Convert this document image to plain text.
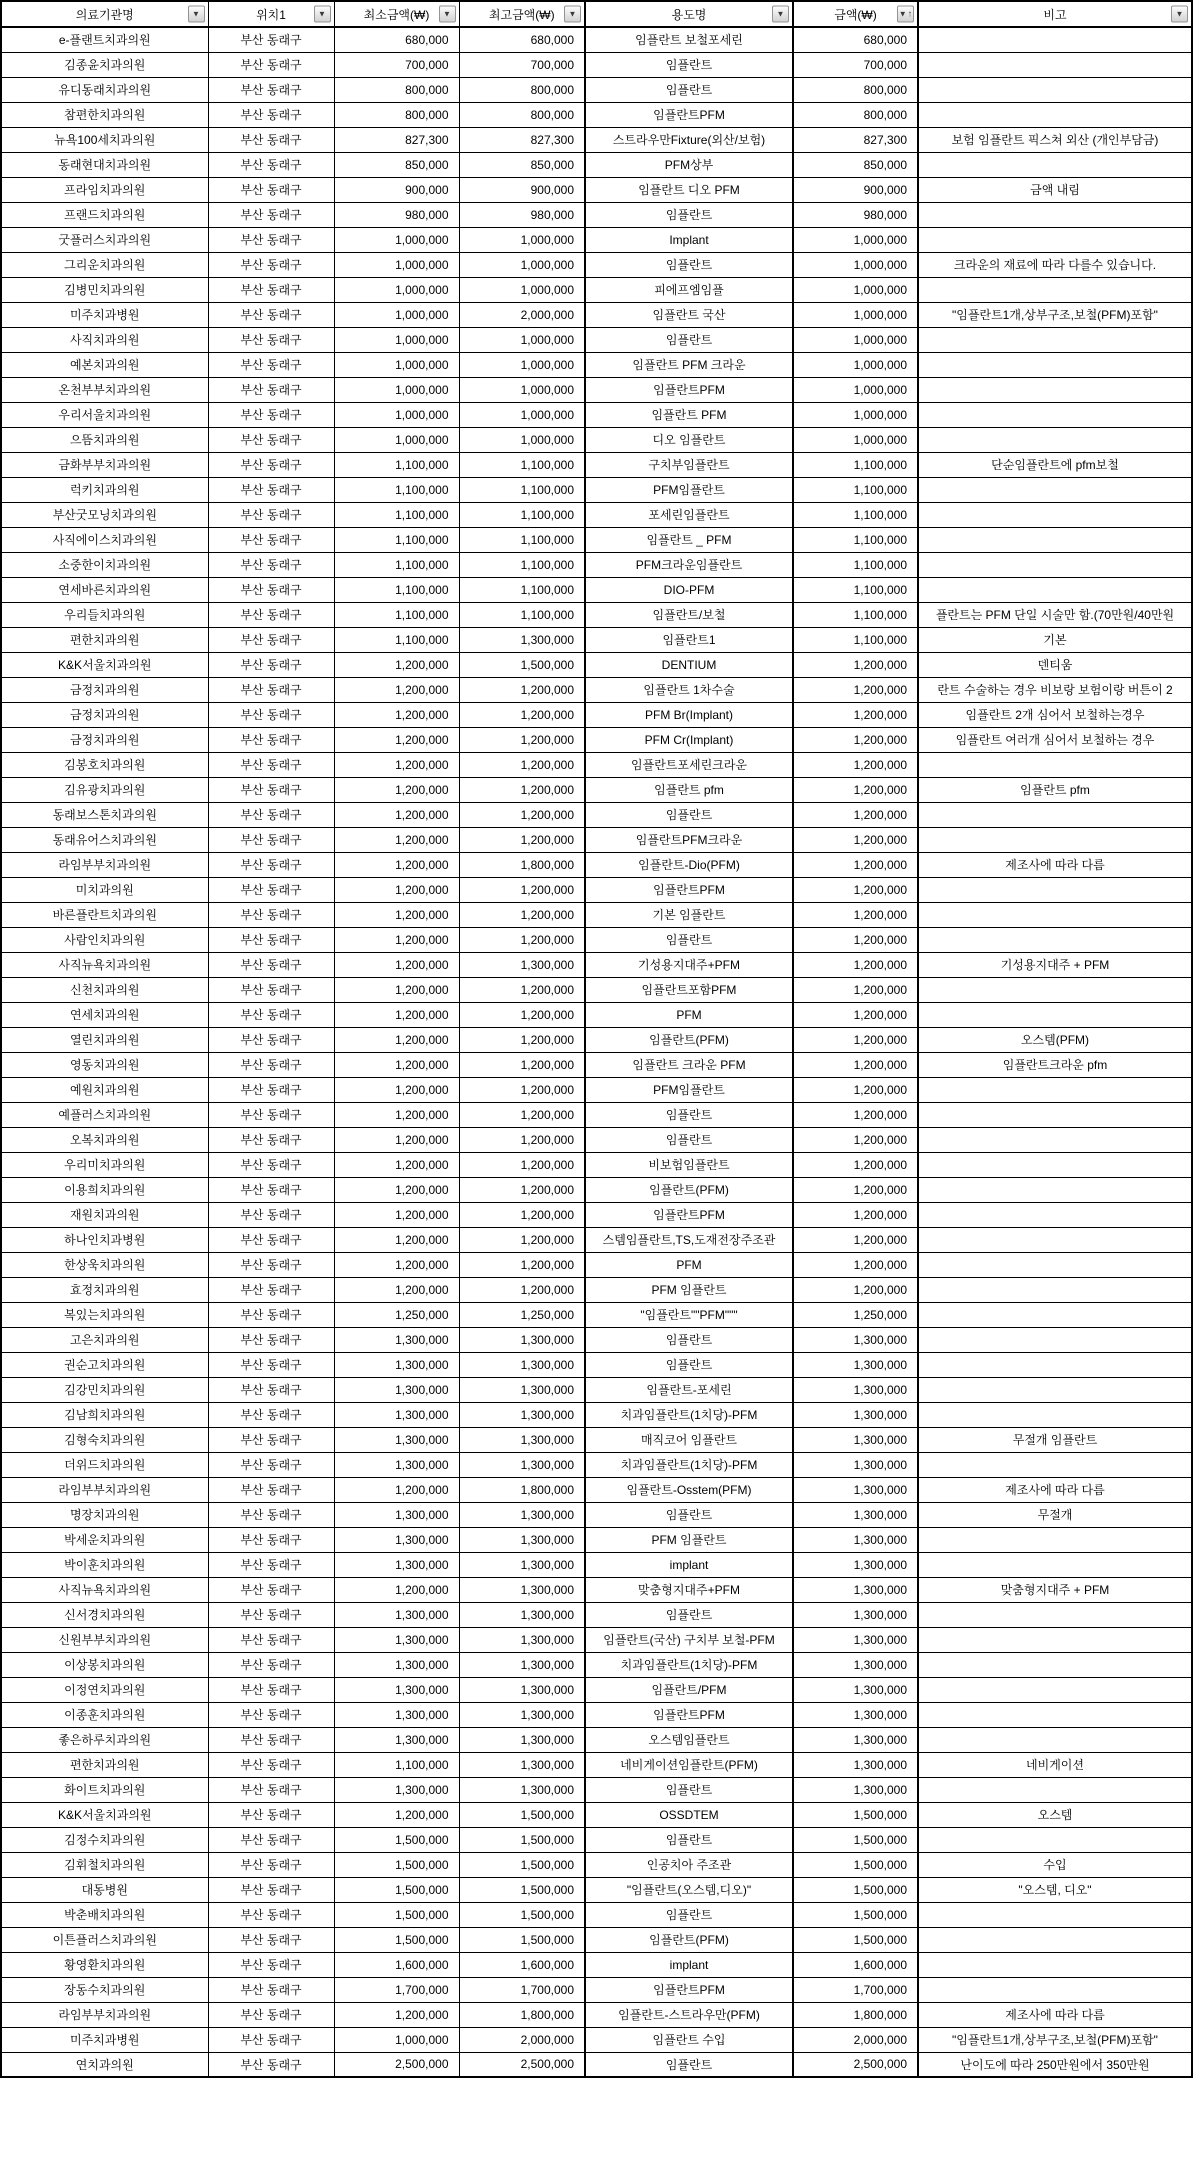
의료기관명 ▼	위치1 ▼	최소금액(₩) ▼	최고금액(₩) ▼	용도명 ▼	금액(₩) ▼ ↑	비고 ▼

e-플랜트치과의원	부산 동래구	680,000	680,000	임플란트 보철포세린	680,000	
김종윤치과의원	부산 동래구	700,000	700,000	임플란트	700,000	
유디동래치과의원	부산 동래구	800,000	800,000	임플란트	800,000	
참편한치과의원	부산 동래구	800,000	800,000	임플란트PFM	800,000	
뉴욕100세치과의원	부산 동래구	827,300	827,300	스트라우만Fixture(외산/보험)	827,300	보험 임플란트 픽스쳐 외산 (개인부담금)
동래현대치과의원	부산 동래구	850,000	850,000	PFM상부	850,000	
프라임치과의원	부산 동래구	900,000	900,000	임플란트 디오 PFM	900,000	금액 내림
프랜드치과의원	부산 동래구	980,000	980,000	임플란트	980,000	
굿플러스치과의원	부산 동래구	1,000,000	1,000,000	Implant	1,000,000	
그리운치과의원	부산 동래구	1,000,000	1,000,000	임플란트	1,000,000	크라운의 재료에 따라 다를수 있습니다.
김병민치과의원	부산 동래구	1,000,000	1,000,000	피에프엠임플	1,000,000	
미주치과병원	부산 동래구	1,000,000	2,000,000	임플란트 국산	1,000,000	"임플란트1개,상부구조,보철(PFM)포함"
사직치과의원	부산 동래구	1,000,000	1,000,000	임플란트	1,000,000	
예본치과의원	부산 동래구	1,000,000	1,000,000	임플란트 PFM 크라운	1,000,000	
온천부부치과의원	부산 동래구	1,000,000	1,000,000	임플란트PFM	1,000,000	
우리서울치과의원	부산 동래구	1,000,000	1,000,000	임플란트 PFM	1,000,000	
으뜸치과의원	부산 동래구	1,000,000	1,000,000	디오 임플란트	1,000,000	
금화부부치과의원	부산 동래구	1,100,000	1,100,000	구치부임플란트	1,100,000	단순임플란트에 pfm보철
럭키치과의원	부산 동래구	1,100,000	1,100,000	PFM임플란트	1,100,000	
부산굿모닝치과의원	부산 동래구	1,100,000	1,100,000	포세린임플란트	1,100,000	
사직에이스치과의원	부산 동래구	1,100,000	1,100,000	임플란트 _ PFM	1,100,000	
소중한이치과의원	부산 동래구	1,100,000	1,100,000	PFM크라운임플란트	1,100,000	
연세바른치과의원	부산 동래구	1,100,000	1,100,000	DIO-PFM	1,100,000	
우리들치과의원	부산 동래구	1,100,000	1,100,000	임플란트/보철	1,100,000	플란트는 PFM 단일 시술만 함.(70만원/40만원
편한치과의원	부산 동래구	1,100,000	1,300,000	임플란트1	1,100,000	기본
K&K서울치과의원	부산 동래구	1,200,000	1,500,000	DENTIUM	1,200,000	덴티움
금정치과의원	부산 동래구	1,200,000	1,200,000	임플란트 1차수술	1,200,000	란트 수술하는 경우 비보랑 보험이랑 버튼이 2
금정치과의원	부산 동래구	1,200,000	1,200,000	PFM Br(Implant)	1,200,000	임플란트 2개 심어서 보철하는경우
금정치과의원	부산 동래구	1,200,000	1,200,000	PFM Cr(Implant)	1,200,000	임플란트 여러개 심어서 보철하는 경우
김봉호치과의원	부산 동래구	1,200,000	1,200,000	임플란트포세린크라운	1,200,000	
김유광치과의원	부산 동래구	1,200,000	1,200,000	임플란트 pfm	1,200,000	임플란트 pfm
동래보스톤치과의원	부산 동래구	1,200,000	1,200,000	임플란트	1,200,000	
동래유어스치과의원	부산 동래구	1,200,000	1,200,000	임플란트PFM크라운	1,200,000	
라임부부치과의원	부산 동래구	1,200,000	1,800,000	임플란트-Dio(PFM)	1,200,000	제조사에 따라 다름
미치과의원	부산 동래구	1,200,000	1,200,000	임플란트PFM	1,200,000	
바른플란트치과의원	부산 동래구	1,200,000	1,200,000	기본 임플란트	1,200,000	
사람인치과의원	부산 동래구	1,200,000	1,200,000	임플란트	1,200,000	
사직뉴욕치과의원	부산 동래구	1,200,000	1,300,000	기성용지대주+PFM	1,200,000	기성용지대주 + PFM
신천치과의원	부산 동래구	1,200,000	1,200,000	임플란트포함PFM	1,200,000	
연세치과의원	부산 동래구	1,200,000	1,200,000	PFM	1,200,000	
열린치과의원	부산 동래구	1,200,000	1,200,000	임플란트(PFM)	1,200,000	오스템(PFM)
영동치과의원	부산 동래구	1,200,000	1,200,000	임플란트 크라운 PFM	1,200,000	임플란트크라운 pfm
예원치과의원	부산 동래구	1,200,000	1,200,000	PFM임플란트	1,200,000	
예플러스치과의원	부산 동래구	1,200,000	1,200,000	임플란트	1,200,000	
오복치과의원	부산 동래구	1,200,000	1,200,000	임플란트	1,200,000	
우리미치과의원	부산 동래구	1,200,000	1,200,000	비보험임플란트	1,200,000	
이용희치과의원	부산 동래구	1,200,000	1,200,000	임플란트(PFM)	1,200,000	
재원치과의원	부산 동래구	1,200,000	1,200,000	임플란트PFM	1,200,000	
하나인치과병원	부산 동래구	1,200,000	1,200,000	스템임플란트,TS,도재전장주조관	1,200,000	
한상욱치과의원	부산 동래구	1,200,000	1,200,000	PFM	1,200,000	
효정치과의원	부산 동래구	1,200,000	1,200,000	PFM 임플란트	1,200,000	
복있는치과의원	부산 동래구	1,250,000	1,250,000	"임플란트""PFM"""	1,250,000	
고은치과의원	부산 동래구	1,300,000	1,300,000	임플란트	1,300,000	
권순고치과의원	부산 동래구	1,300,000	1,300,000	임플란트	1,300,000	
김강민치과의원	부산 동래구	1,300,000	1,300,000	임플란트-포세린	1,300,000	
김남희치과의원	부산 동래구	1,300,000	1,300,000	치과임플란트(1치당)-PFM	1,300,000	
김형숙치과의원	부산 동래구	1,300,000	1,300,000	매직코어 임플란트	1,300,000	무절개 임플란트
더위드치과의원	부산 동래구	1,300,000	1,300,000	치과임플란트(1치당)-PFM	1,300,000	
라임부부치과의원	부산 동래구	1,200,000	1,800,000	임플란트-Osstem(PFM)	1,300,000	제조사에 따라 다름
명장치과의원	부산 동래구	1,300,000	1,300,000	임플란트	1,300,000	무절개
박세운치과의원	부산 동래구	1,300,000	1,300,000	PFM 임플란트	1,300,000	
박이훈치과의원	부산 동래구	1,300,000	1,300,000	implant	1,300,000	
사직뉴욕치과의원	부산 동래구	1,200,000	1,300,000	맞춤형지대주+PFM	1,300,000	맞춤형지대주 + PFM
신서경치과의원	부산 동래구	1,300,000	1,300,000	임플란트	1,300,000	
신원부부치과의원	부산 동래구	1,300,000	1,300,000	임플란트(국산) 구치부 보철-PFM	1,300,000	
이상봉치과의원	부산 동래구	1,300,000	1,300,000	치과임플란트(1치당)-PFM	1,300,000	
이정연치과의원	부산 동래구	1,300,000	1,300,000	임플란트/PFM	1,300,000	
이종훈치과의원	부산 동래구	1,300,000	1,300,000	임플란트PFM	1,300,000	
좋은하루치과의원	부산 동래구	1,300,000	1,300,000	오스템임플란트	1,300,000	
편한치과의원	부산 동래구	1,100,000	1,300,000	네비게이션임플란트(PFM)	1,300,000	네비게이션
화이트치과의원	부산 동래구	1,300,000	1,300,000	임플란트	1,300,000	
K&K서울치과의원	부산 동래구	1,200,000	1,500,000	OSSDTEM	1,500,000	오스템
김정수치과의원	부산 동래구	1,500,000	1,500,000	임플란트	1,500,000	
김휘철치과의원	부산 동래구	1,500,000	1,500,000	인공치아 주조관	1,500,000	수입
대동병원	부산 동래구	1,500,000	1,500,000	"임플란트(오스템,디오)"	1,500,000	"오스템, 디오"
박춘배치과의원	부산 동래구	1,500,000	1,500,000	임플란트	1,500,000	
이튼플러스치과의원	부산 동래구	1,500,000	1,500,000	임플란트(PFM)	1,500,000	
황영환치과의원	부산 동래구	1,600,000	1,600,000	implant	1,600,000	
장동수치과의원	부산 동래구	1,700,000	1,700,000	임플란트PFM	1,700,000	
라임부부치과의원	부산 동래구	1,200,000	1,800,000	임플란트-스트라우만(PFM)	1,800,000	제조사에 따라 다름
미주치과병원	부산 동래구	1,000,000	2,000,000	임플란트 수입	2,000,000	"임플란트1개,상부구조,보철(PFM)포함"
연치과의원	부산 동래구	2,500,000	2,500,000	임플란트	2,500,000	난이도에 따라 250만원에서 350만원
